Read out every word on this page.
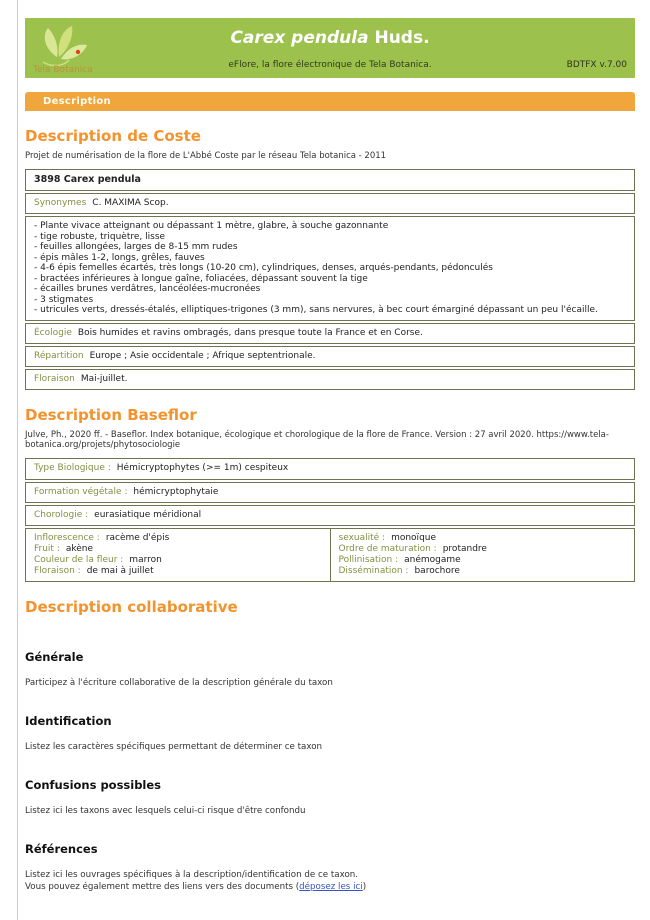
Tela Botanica
Carex pendula Huds.
eFlore, la flore électronique de Tela Botanica.	BDTFX v.7.00
Description
Description de Coste

Projet de numérisation de la flore de L'Abbé Coste par le réseau Tela botanica - 2011

3898 Carex pendula
Synonymes C. MAXIMA Scop.
- Plante vivace atteignant ou dépassant 1 mètre, glabre, à souche gazonnante
- tige robuste, triquètre, lisse
- feuilles allongées, larges de 8-15 mm rudes
- épis mâles 1-2, longs, grêles, fauves
- 4-6 épis femelles écartés, très longs (10-20 cm), cylindriques, denses, arqués-pendants, pédonculés
- bractées inférieures à longue gaîne, foliacées, dépassant souvent la tige
- écailles brunes verdâtres, lancéolées-mucronées
- 3 stigmates
- utricules verts, dressés-étalés, elliptiques-trigones (3 mm), sans nervures, à bec court émarginé dépassant un peu l'écaille.
Écologie Bois humides et ravins ombragés, dans presque toute la France et en Corse.
Répartition Europe ; Asie occidentale ; Afrique septentrionale.
Floraison Mai-juillet.
Description Baseflor

Julve, Ph., 2020 ff. - Baseflor. Index botanique, écologique et chorologique de la flore de France. Version : 27 avril 2020. https://www.tela-botanica.org/projets/phytosociologie

Type Biologique : Hémicryptophytes (>= 1m) cespiteux
Formation végétale : hémicryptophytaie
Chorologie : eurasiatique méridional
Inflorescence : racème d'épis
Fruit : akène
Couleur de la fleur : marron
Floraison : de mai à juillet
sexualité : monoïque
Ordre de maturation : protandre
Pollinisation : anémogame
Dissémination : barochore
Description collaborative
Générale

Participez à l'écriture collaborative de la description générale du taxon

Identification

Listez les caractères spécifiques permettant de déterminer ce taxon

Confusions possibles

Listez ici les taxons avec lesquels celui-ci risque d'être confondu

Références

Listez ici les ouvrages spécifiques à la description/identification de ce taxon.

Vous pouvez également mettre des liens vers des documents (déposez les ici)
